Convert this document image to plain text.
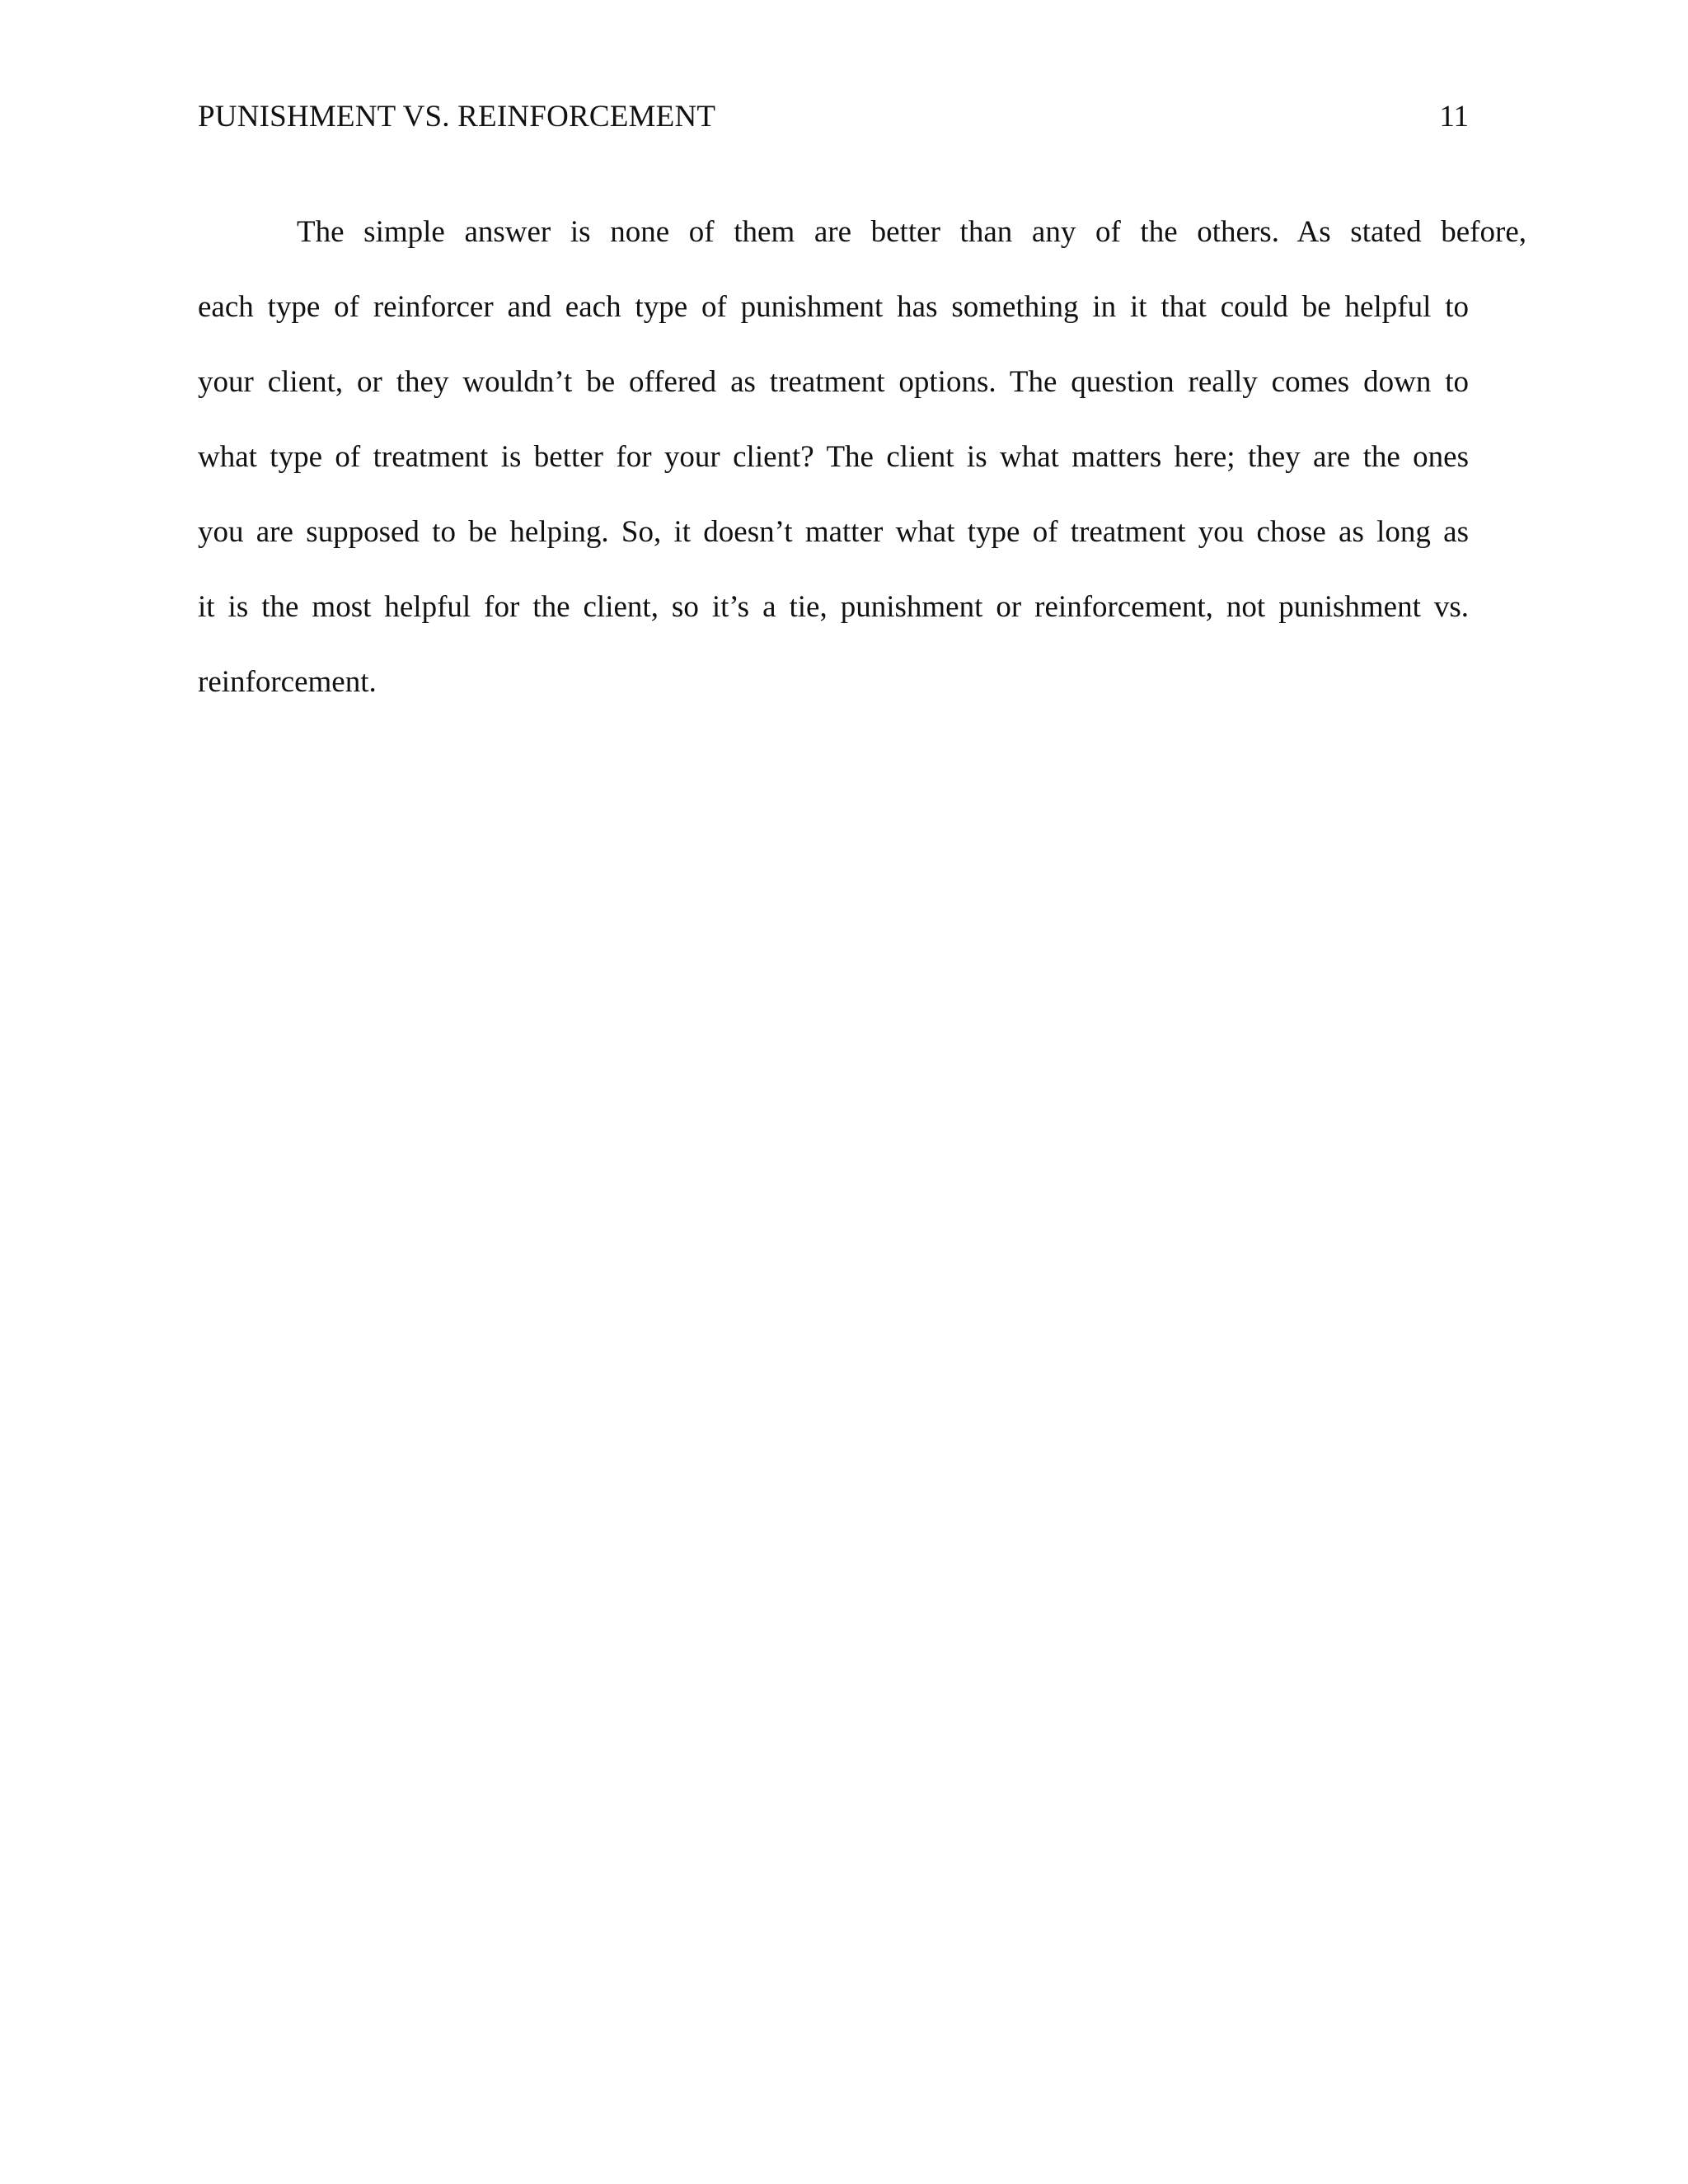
PUNISHMENT VS. REINFORCEMENT	11
The simple answer is none of them are better than any of the others. As stated before,
each type of reinforcer and each type of punishment has something in it that could be helpful to
your client, or they wouldn’t be offered as treatment options. The question really comes down to
what type of treatment is better for your client? The client is what matters here; they are the ones
you are supposed to be helping. So, it doesn’t matter what type of treatment you chose as long as
it is the most helpful for the client, so it’s a tie, punishment or reinforcement, not punishment vs.
reinforcement.
